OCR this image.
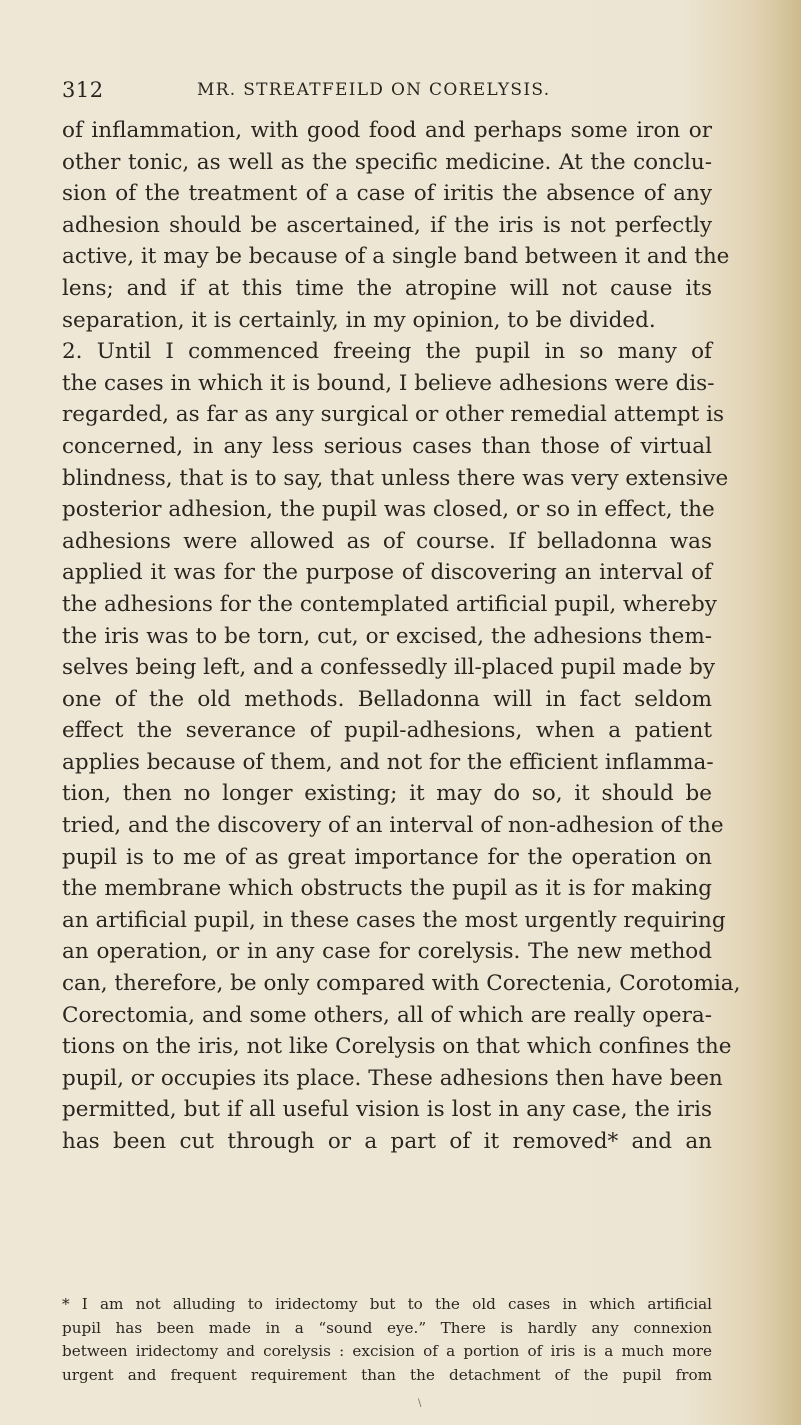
312	MR. STREATFEILD ON CORELYSIS.
of inflammation, with good food and perhaps some iron or
other tonic, as well as the specific medicine. At the conclu-
sion of the treatment of a case of iritis the absence of any
adhesion should be ascertained, if the iris is not perfectly
active, it may be because of a single band between it and the
lens; and if at this time the atropine will not cause its
separation, it is certainly, in my opinion, to be divided.
2. Until I commenced freeing the pupil in so many of
the cases in which it is bound, I believe adhesions were dis-
regarded, as far as any surgical or other remedial attempt is
concerned, in any less serious cases than those of virtual
blindness, that is to say, that unless there was very extensive
posterior adhesion, the pupil was closed, or so in effect, the
adhesions were allowed as of course. If belladonna was
applied it was for the purpose of discovering an interval of
the adhesions for the contemplated artificial pupil, whereby
the iris was to be torn, cut, or excised, the adhesions them-
selves being left, and a confessedly ill-placed pupil made by
one of the old methods. Belladonna will in fact seldom
effect the severance of pupil-adhesions, when a patient
applies because of them, and not for the efficient inflamma-
tion, then no longer existing; it may do so, it should be
tried, and the discovery of an interval of non-adhesion of the
pupil is to me of as great importance for the operation on
the membrane which obstructs the pupil as it is for making
an artificial pupil, in these cases the most urgently requiring
an operation, or in any case for corelysis. The new method
can, therefore, be only compared with Corectenia, Corotomia,
Corectomia, and some others, all of which are really opera-
tions on the iris, not like Corelysis on that which confines the
pupil, or occupies its place. These adhesions then have been
permitted, but if all useful vision is lost in any case, the iris
has been cut through or a part of it removed* and an
* I am not alluding to iridectomy but to the old cases in which artificial
pupil has been made in a “sound eye.” There is hardly any connexion
between iridectomy and corelysis : excision of a portion of iris is a much more
urgent and frequent requirement than the detachment of the pupil from
\
